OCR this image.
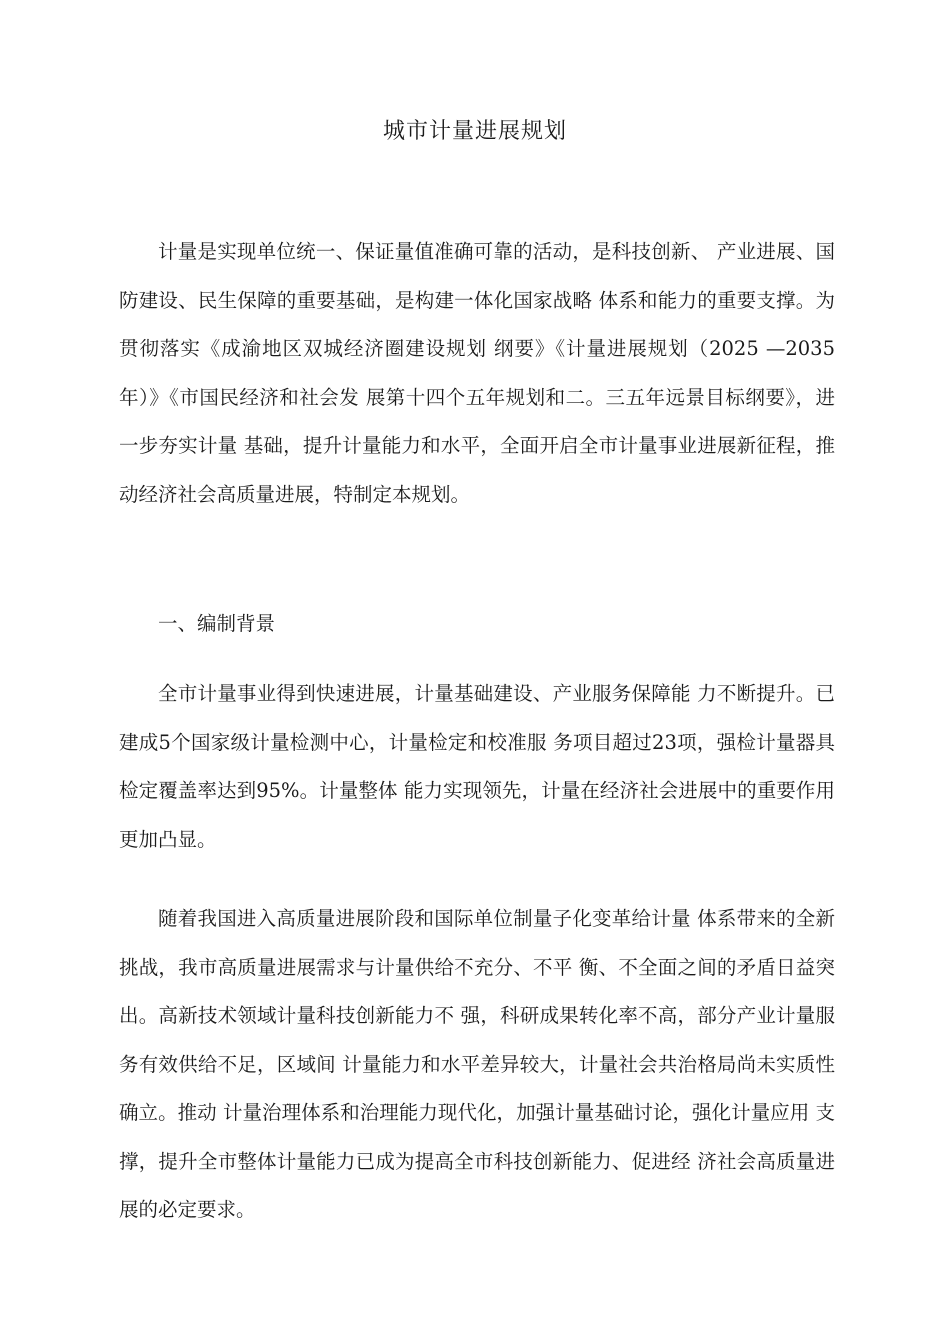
城市计量进展规划

计量是实现单位统一、保证量值准确可靠的活动，是科技创新、 产业进展、国防建设、民生保障的重要基础，是构建一体化国家战略 体系和能力的重要支撑。为贯彻落实《成渝地区双城经济圈建设规划 纲要》《计量进展规划（2025 —2035年）》《市国民经济和社会发 展第十四个五年规划和二。三五年远景目标纲要》，进一步夯实计量 基础，提升计量能力和水平，全面开启全市计量事业进展新征程，推 动经济社会高质量进展，特制定本规划。

一、编制背景

全市计量事业得到快速进展，计量基础建设、产业服务保障能 力不断提升。已建成5个国家级计量检测中心，计量检定和校准服 务项目超过23项，强检计量器具检定覆盖率达到95%。计量整体 能力实现领先，计量在经济社会进展中的重要作用更加凸显。

随着我国进入高质量进展阶段和国际单位制量子化变革给计量 体系带来的全新挑战，我市高质量进展需求与计量供给不充分、不平 衡、不全面之间的矛盾日益突出。高新技术领域计量科技创新能力不 强，科研成果转化率不高，部分产业计量服务有效供给不足，区域间 计量能力和水平差异较大，计量社会共治格局尚未实质性确立。推动 计量治理体系和治理能力现代化，加强计量基础讨论，强化计量应用 支撑，提升全市整体计量能力已成为提高全市科技创新能力、促进经 济社会高质量进展的必定要求。
